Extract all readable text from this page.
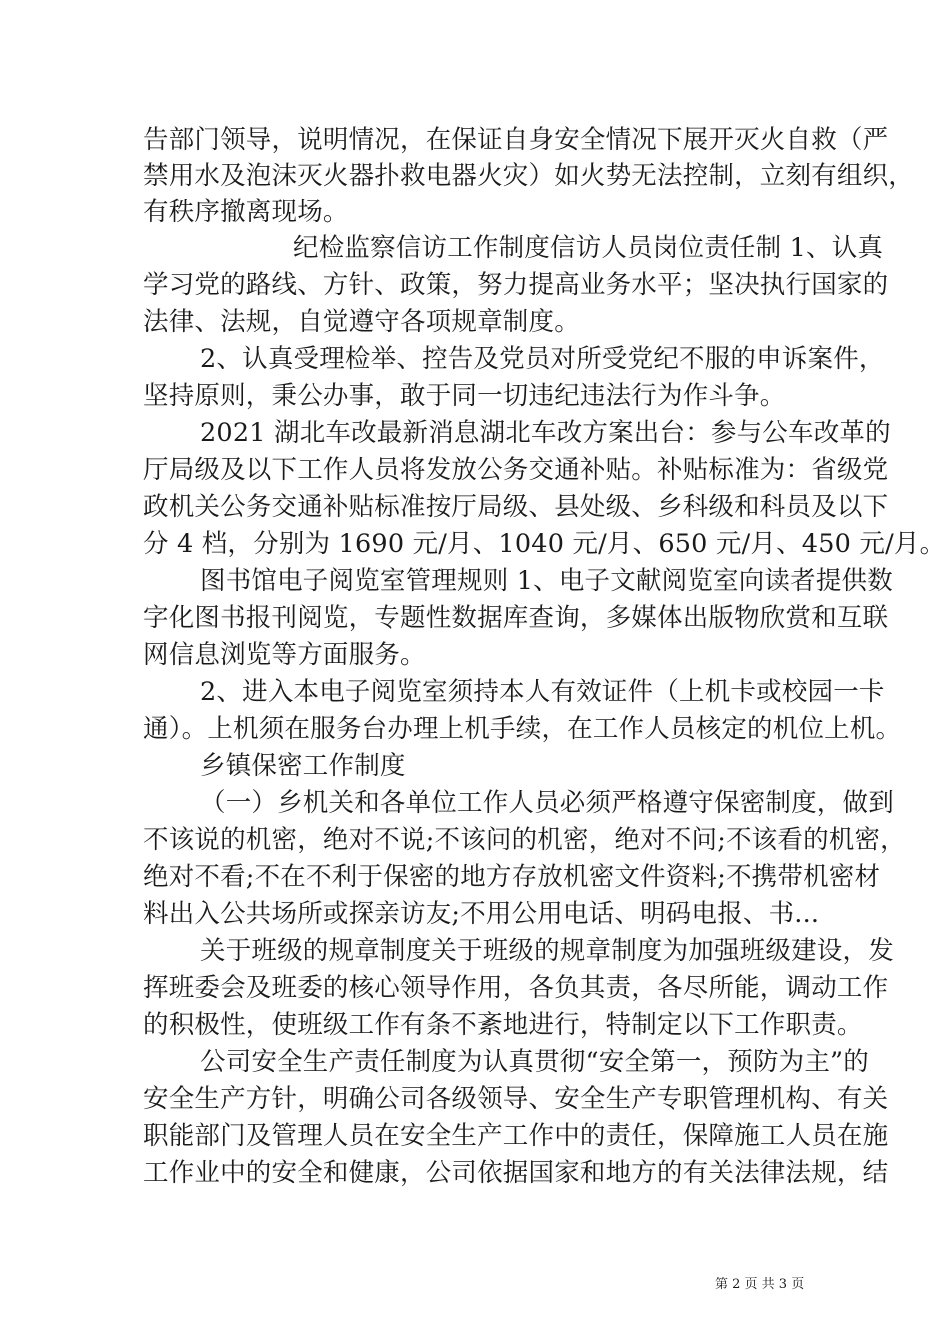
告部门领导，说明情况，在保证自身安全情况下展开灭火自救（严
禁用水及泡沫灭火器扑救电器火灾）如火势无法控制，立刻有组织，
有秩序撤离现场。
纪检监察信访工作制度信访人员岗位责任制 1、认真
学习党的路线、方针、政策，努力提高业务水平；坚决执行国家的
法律、法规，自觉遵守各项规章制度。
2、认真受理检举、控告及党员对所受党纪不服的申诉案件，
坚持原则，秉公办事，敢于同一切违纪违法行为作斗争。
2021 湖北车改最新消息湖北车改方案出台：参与公车改革的
厅局级及以下工作人员将发放公务交通补贴。补贴标准为：省级党
政机关公务交通补贴标准按厅局级、县处级、乡科级和科员及以下
分 4 档，分别为 1690 元/月、1040 元/月、650 元/月、450 元/月。
图书馆电子阅览室管理规则 1、电子文献阅览室向读者提供数
字化图书报刊阅览，专题性数据库查询，多媒体出版物欣赏和互联
网信息浏览等方面服务。
2、进入本电子阅览室须持本人有效证件（上机卡或校园一卡
通）。上机须在服务台办理上机手续，在工作人员核定的机位上机。
乡镇保密工作制度
（一）乡机关和各单位工作人员必须严格遵守保密制度，做到
不该说的机密，绝对不说;不该问的机密，绝对不问;不该看的机密，
绝对不看;不在不利于保密的地方存放机密文件资料;不携带机密材
料出入公共场所或探亲访友;不用公用电话、明码电报、书...
关于班级的规章制度关于班级的规章制度为加强班级建设，发
挥班委会及班委的核心领导作用，各负其责，各尽所能，调动工作
的积极性，使班级工作有条不紊地进行，特制定以下工作职责。
公司安全生产责任制度为认真贯彻“安全第一，预防为主”的
安全生产方针，明确公司各级领导、安全生产专职管理机构、有关
职能部门及管理人员在安全生产工作中的责任，保障施工人员在施
工作业中的安全和健康，公司依据国家和地方的有关法律法规，结
第 2 页 共 3 页
